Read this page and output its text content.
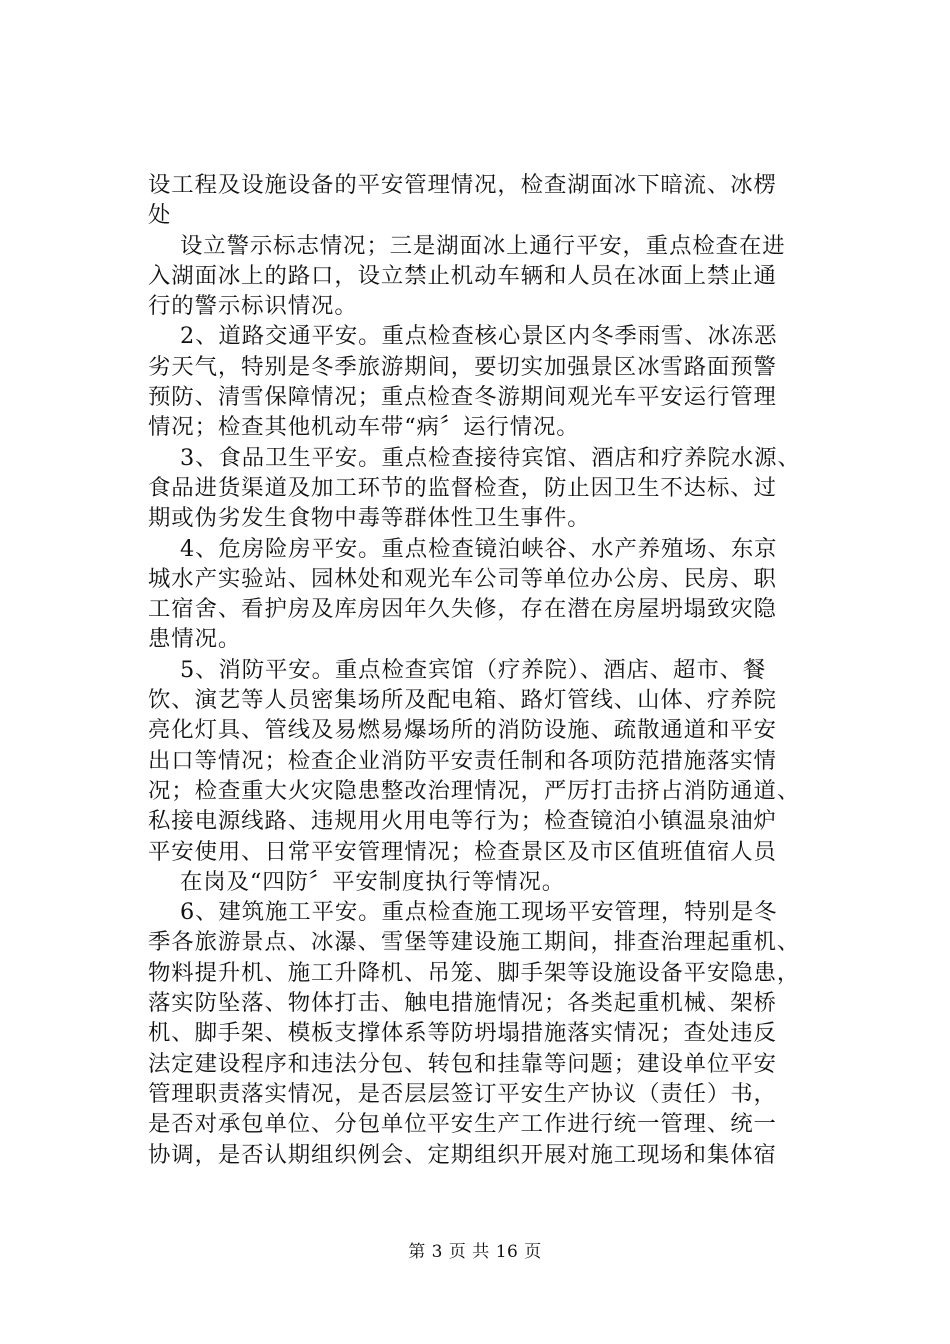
设工程及设施设备的平安管理情况，检查湖面冰下暗流、冰楞
处
设立警示标志情况；三是湖面冰上通行平安，重点检查在进
入湖面冰上的路口，设立禁止机动车辆和人员在冰面上禁止通
行的警示标识情况。
2、道路交通平安。重点检查核心景区内冬季雨雪、冰冻恶
劣天气，特别是冬季旅游期间，要切实加强景区冰雪路面预警
预防、清雪保障情况；重点检查冬游期间观光车平安运行管理
情况；检查其他机动车带“病〞运行情况。
3、食品卫生平安。重点检查接待宾馆、酒店和疗养院水源、
食品进货渠道及加工环节的监督检查，防止因卫生不达标、过
期或伪劣发生食物中毒等群体性卫生事件。
4、危房险房平安。重点检查镜泊峡谷、水产养殖场、东京
城水产实验站、园林处和观光车公司等单位办公房、民房、职
工宿舍、看护房及库房因年久失修，存在潜在房屋坍塌致灾隐
患情况。
5、消防平安。重点检查宾馆（疗养院）、酒店、超市、餐
饮、演艺等人员密集场所及配电箱、路灯管线、山体、疗养院
亮化灯具、管线及易燃易爆场所的消防设施、疏散通道和平安
出口等情况；检查企业消防平安责任制和各项防范措施落实情
况；检查重大火灾隐患整改治理情况，严厉打击挤占消防通道、
私接电源线路、违规用火用电等行为；检查镜泊小镇温泉油炉
平安使用、日常平安管理情况；检查景区及市区值班值宿人员
在岗及“四防〞平安制度执行等情况。
6、建筑施工平安。重点检查施工现场平安管理，特别是冬
季各旅游景点、冰瀑、雪堡等建设施工期间，排查治理起重机、
物料提升机、施工升降机、吊笼、脚手架等设施设备平安隐患，
落实防坠落、物体打击、触电措施情况；各类起重机械、架桥
机、脚手架、模板支撑体系等防坍塌措施落实情况；查处违反
法定建设程序和违法分包、转包和挂靠等问题；建设单位平安
管理职责落实情况，是否层层签订平安生产协议（责任）书，
是否对承包单位、分包单位平安生产工作进行统一管理、统一
协调，是否认期组织例会、定期组织开展对施工现场和集体宿
第 3 页 共 16 页
